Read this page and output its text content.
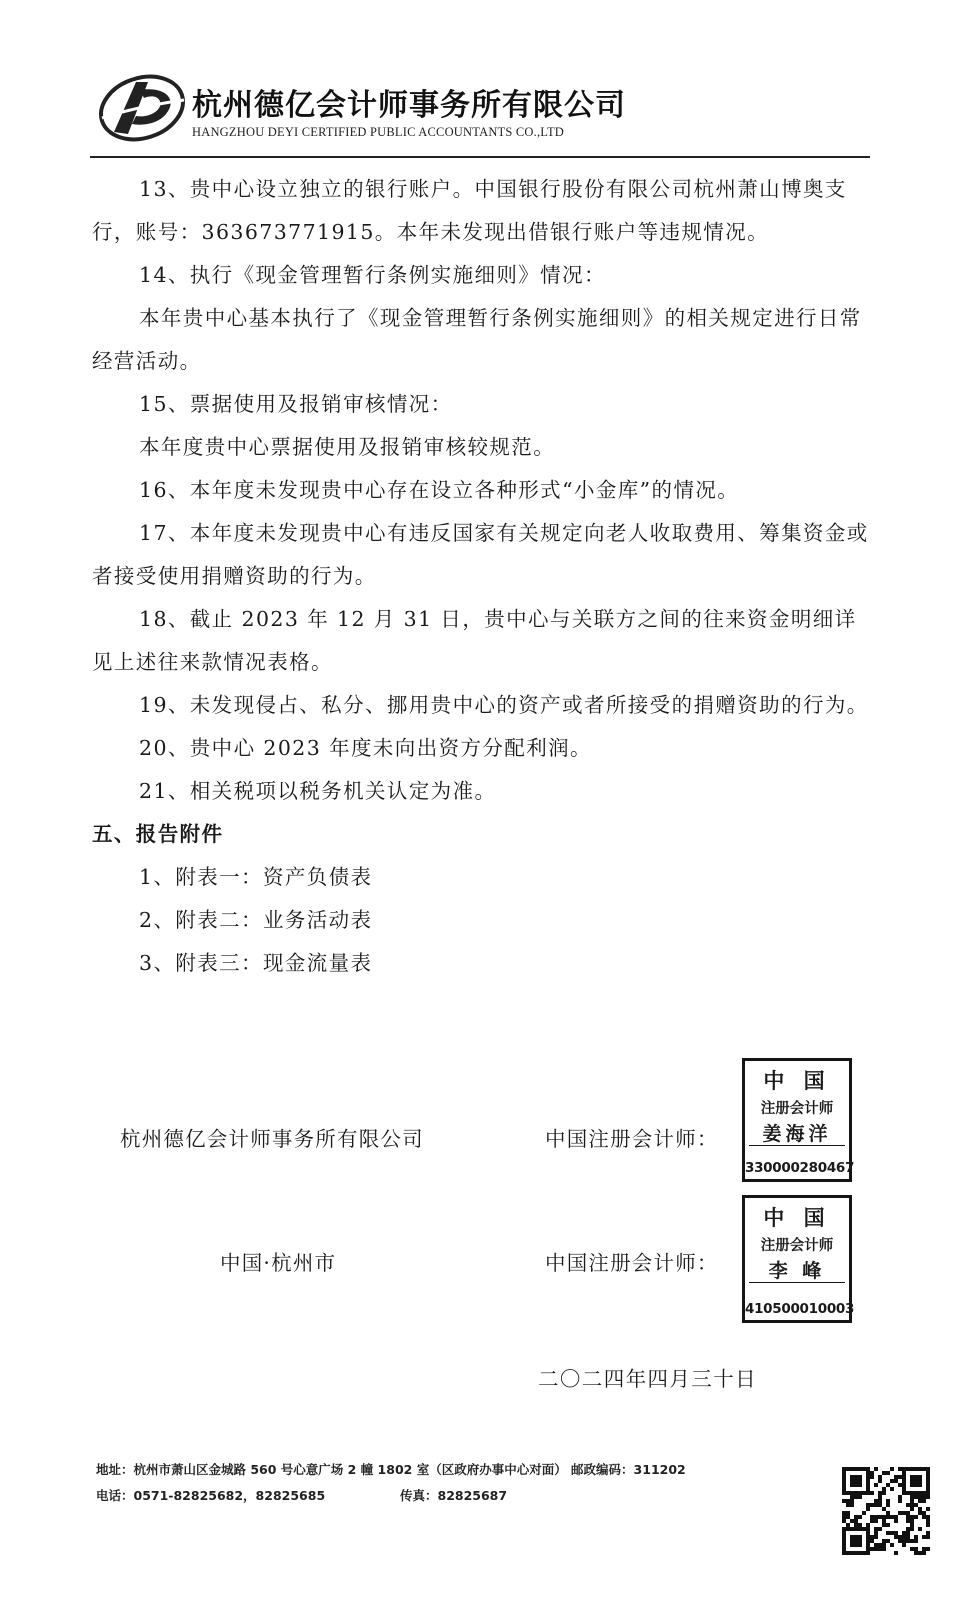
杭州德亿会计师事务所有限公司
HANGZHOU DEYI CERTIFIED PUBLIC ACCOUNTANTS CO.,LTD

13、贵中心设立独立的银行账户。中国银行股份有限公司杭州萧山博奥支行，账号：363673771915。本年未发现出借银行账户等违规情况。

14、执行《现金管理暂行条例实施细则》情况：

本年贵中心基本执行了《现金管理暂行条例实施细则》的相关规定进行日常经营活动。

15、票据使用及报销审核情况：

本年度贵中心票据使用及报销审核较规范。

16、本年度未发现贵中心存在设立各种形式“小金库”的情况。

17、本年度未发现贵中心有违反国家有关规定向老人收取费用、筹集资金或者接受使用捐赠资助的行为。

18、截止 2023 年 12 月 31 日，贵中心与关联方之间的往来资金明细详见上述往来款情况表格。

19、未发现侵占、私分、挪用贵中心的资产或者所接受的捐赠资助的行为。

20、贵中心 2023 年度未向出资方分配利润。

21、相关税项以税务机关认定为准。

五、报告附件

1、附表一：资产负债表

2、附表二：业务活动表

3、附表三：现金流量表

杭州德亿会计师事务所有限公司
中国·杭州市
中国注册会计师：
中国注册会计师：
二〇二四年四月三十日
中 国
注册会计师
姜海洋
330000280467
中 国
注册会计师
李 峰
410500010003
地址：杭州市萧山区金城路 560 号心意广场 2 幢 1802 室（区政府办事中心对面） 邮政编码：311202
电话：0571-82825682，82825685	传真：82825687
